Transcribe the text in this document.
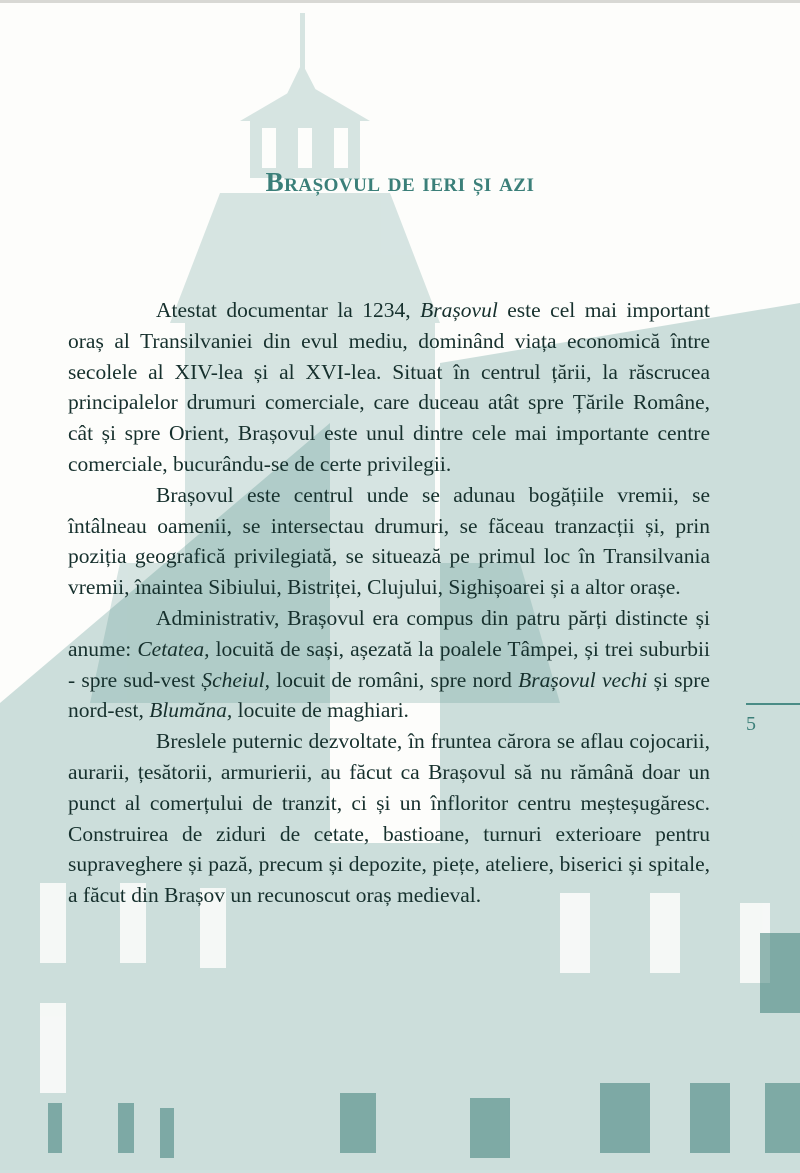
Brașovul de ieri și azi

Atestat documentar la 1234, Brașovul este cel mai important oraș al Transilvaniei din evul mediu, dominând viața economică între secolele al XIV-lea și al XVI-lea. Situat în centrul țării, la răscrucea principalelor drumuri comerciale, care duceau atât spre Țările Române, cât și spre Orient, Brașovul este unul dintre cele mai importante centre comerciale, bucurându-se de certe privilegii.

Brașovul este centrul unde se adunau bogățiile vremii, se întâlneau oamenii, se intersectau drumuri, se făceau tranzacții și, prin poziția geografică privilegiată, se situează pe primul loc în Transilvania vremii, înaintea Sibiului, Bistriței, Clujului, Sighișoarei și a altor orașe.

Administrativ, Brașovul era compus din patru părți distincte și anume: Cetatea, locuită de sași, așezată la poalele Tâmpei, și trei suburbii - spre sud-vest Șcheiul, locuit de români, spre nord Brașovul vechi și spre nord-est, Blumăna, locuite de maghiari.

Breslele puternic dezvoltate, în fruntea cărora se aflau cojocarii, aurarii, țesătorii, armurierii, au făcut ca Brașovul să nu rămână doar un punct al comerțului de tranzit, ci și un înfloritor centru meșteșugăresc. Construirea de ziduri de cetate, bastioane, turnuri exterioare pentru supraveghere și pază, precum și depozite, piețe, ateliere, biserici și spitale, a făcut din Brașov un recunoscut oraș medieval.

5
